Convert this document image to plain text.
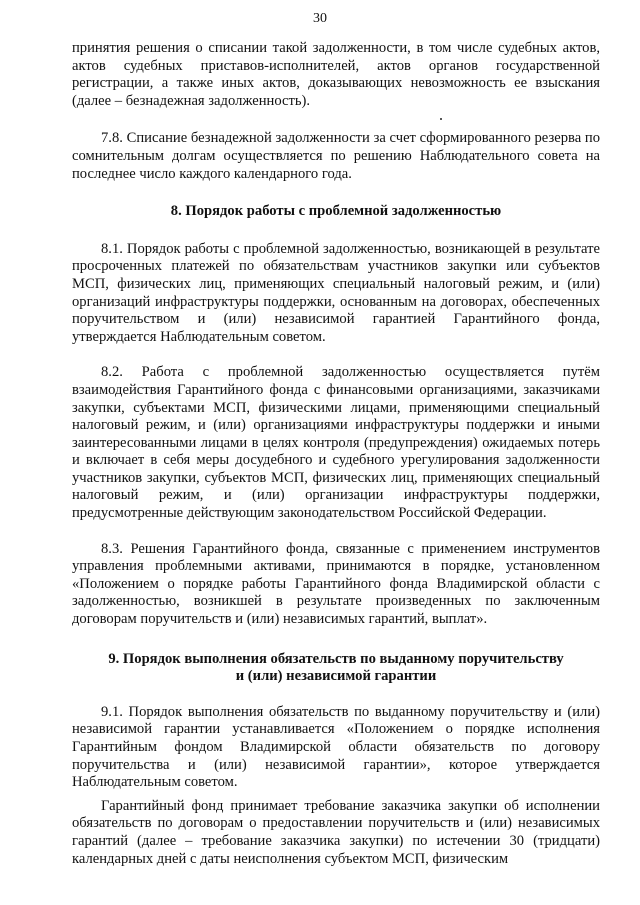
30

принятия решения о списании такой задолженности, в том числе судебных актов, актов судебных приставов-исполнителей, актов органов государственной регистрации, а также иных актов, доказывающих невозможность ее взыскания (далее – безнадежная задолженность).

7.8. Списание безнадежной задолженности за счет сформированного резерва по сомнительным долгам осуществляется по решению Наблюдательного совета на последнее число каждого календарного года.

8. Порядок работы с проблемной задолженностью

8.1. Порядок работы с проблемной задолженностью, возникающей в результате просроченных платежей по обязательствам участников закупки или субъектов МСП, физических лиц, применяющих специальный налоговый режим, и (или) организаций инфраструктуры поддержки, основанным на договорах, обеспеченных поручительством и (или) независимой гарантией Гарантийного фонда, утверждается Наблюдательным советом.

8.2. Работа с проблемной задолженностью осуществляется путём взаимодействия Гарантийного фонда с финансовыми организациями, заказчиками закупки, субъектами МСП, физическими лицами, применяющими специальный налоговый режим, и (или) организациями инфраструктуры поддержки и иными заинтересованными лицами в целях контроля (предупреждения) ожидаемых потерь и включает в себя меры досудебного и судебного урегулирования задолженности участников закупки, субъектов МСП, физических лиц, применяющих специальный налоговый режим, и (или) организации инфраструктуры поддержки, предусмотренные действующим законодательством Российской Федерации.

8.3. Решения Гарантийного фонда, связанные с применением инструментов управления проблемными активами, принимаются в порядке, установленном «Положением о порядке работы Гарантийного фонда Владимирской области с задолженностью, возникшей в результате произведенных по заключенным договорам поручительств и (или) независимых гарантий, выплат».

9. Порядок выполнения обязательств по выданному поручительству

и (или) независимой гарантии

9.1. Порядок выполнения обязательств по выданному поручительству и (или) независимой гарантии устанавливается «Положением о порядке исполнения Гарантийным фондом Владимирской области обязательств по договору поручительства и (или) независимой гарантии», которое утверждается Наблюдательным советом.

Гарантийный фонд принимает требование заказчика закупки об исполнении обязательств по договорам о предоставлении поручительств и (или) независимых гарантий (далее – требование заказчика закупки) по истечении 30 (тридцати) календарных дней с даты неисполнения субъектом МСП, физическим
